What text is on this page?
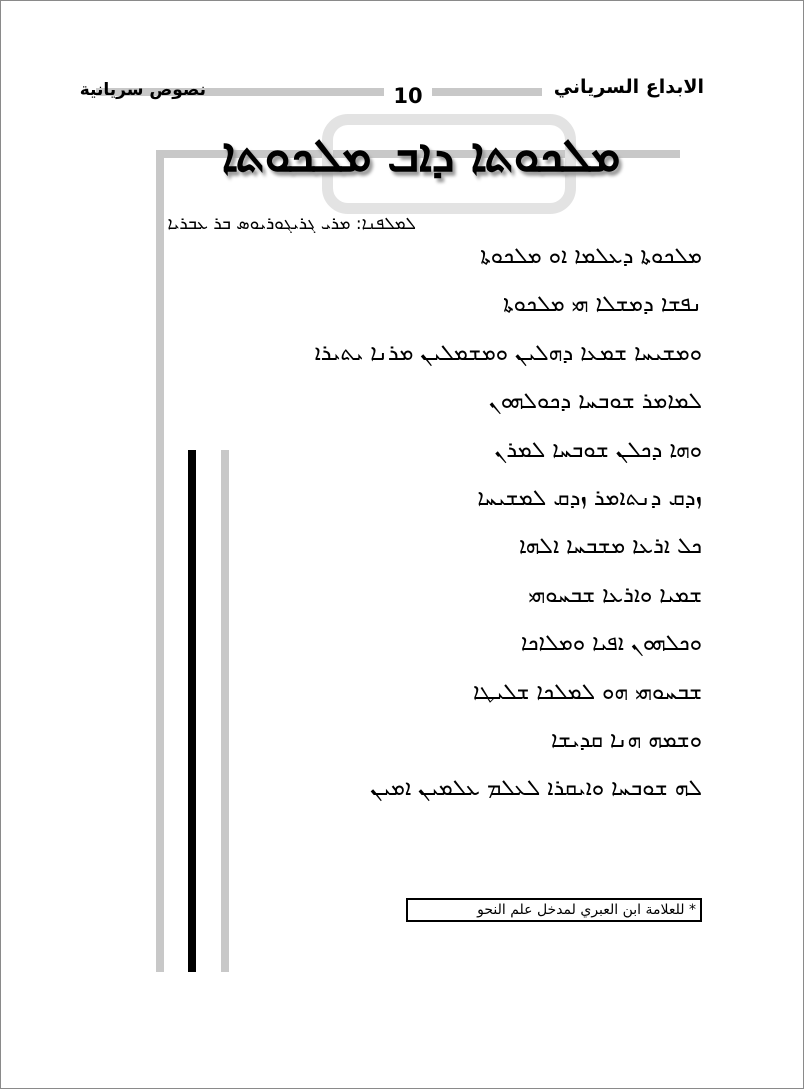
نصوص سريانية	10	الابداع السرياني
ܡܠܟܘܬܐ ܕܐܒ ܡܠܟܘܬܐ
ܠܡܠܦܢܐ: ܡܪܝ ܓܪܝܓܘܪܝܘܣ ܒܪ ܥܒܪܝܐ
ܡܠܟܘܬܐ ܕܥܠܡܐ ܐܘ ܡܠܟܘܬܐ
ܢܦܫܐ ܕܡܫܠܐ ܗܝ ܡܠܟܘܬܐ
ܘܡܫܝܚܐ ܫܡܥܐ ܕܗܠܝܢ ܘܡܫܡܠܝܢ ܡܪܢܐ ܝܬܝܪܐ
ܠܡܐܡܪ ܫܘܒܚܐ ܕܟܘܠܗܘܢ
ܘܗܐ ܕܟܠܢ ܫܘܒܚܐ ܠܡܪܢ
ܙܕܩ ܕܢܬܐܡܪ ܙܕܩ ܠܡܫܝܚܐ
ܟܠ ܐܪܥܐ ܡܫܒܚܐ ܐܠܗܐ
ܫܡܝܐ ܘܐܪܥܐ ܫܒܚܘܗܝ
ܘܟܠܗܘܢ ܐܦܝܐ ܘܡܠܐܟܐ
ܫܒܚܘܗܝ ܗܘ ܠܡܠܟܐ ܫܠܝܛܐ
ܘܫܡܗ ܗܢܐ ܩܕܝܫܐ
ܠܗ ܫܘܒܚܐ ܘܐܝܩܪܐ ܠܥܠܡ ܥܠܡܝܢ ܐܡܝܢ
* للعلامة ابن العبري لمدخل علم النحو
